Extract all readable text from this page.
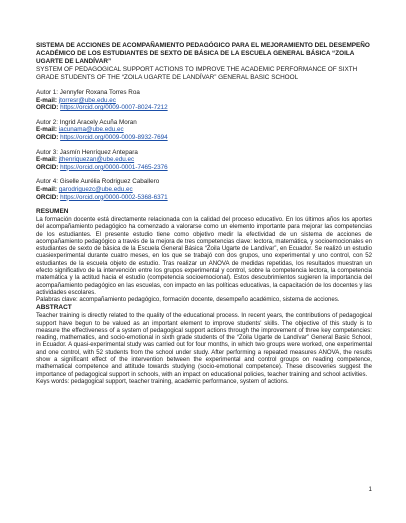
SISTEMA DE ACCIONES DE ACOMPAÑAMIENTO PEDAGÓGICO PARA EL MEJORAMIENTO DEL DESEMPEÑO ACADÉMICO DE LOS ESTUDIANTES DE SEXTO DE BÁSICA DE LA ESCUELA GENERAL BÁSICA “ZOILA UGARTE DE LANDÍVAR”

SYSTEM OF PEDAGOGICAL SUPPORT ACTIONS TO IMPROVE THE ACADEMIC PERFORMANCE OF SIXTH GRADE STUDENTS OF THE “ZOILA UGARTE DE LANDÍVAR” GENERAL BASIC SCHOOL

Autor 1: Jennyfer Roxana Torres Roa
E-mail: jtorresr@ube.edu.ec
ORCID: https://orcid.org/0009-0007-8024-7212
Autor 2: Ingrid Aracely Acuña Moran
E-mail: iacunama@ube.edu.ec
ORCID: https://orcid.org/0009-0009-8932-7694
Autor 3: Jasmín Henríquez Antepara
E-mail: jthenriquezan@ube.edu.ec
ORCID: https://orcid.org/0000-0001-7465-2376
Autor 4: Giselle Aurélia Rodriguez Caballero
E-mail: garodriguezc@ube.edu.ec
ORCID: https://orcid.org/0000-0002-5368-6371
RESUMEN

La formación docente está directamente relacionada con la calidad del proceso educativo. En los últimos años los aportes del acompañamiento pedagógico ha comenzado a valorarse como un elemento importante para mejorar las competencias de los estudiantes. El presente estudio tiene como objetivo medir la efectividad de un sistema de acciones de acompañamiento pedagógico a través de la mejora de tres competencias clave: lectora, matemática, y socioemocionales en estudiantes de sexto de básica de la Escuela General Básica “Zoila Ugarte de Landívar”, en Ecuador. Se realizó un estudio cuasiexperimental durante cuatro meses, en los que se trabajó con dos grupos, uno experimental y uno control, con 52 estudiantes de la escuela objeto de estudio. Tras realizar un ANOVA de medidas repetidas, los resultados muestran un efecto significativo de la intervención entre los grupos experimental y control, sobre la competencia lectora, la competencia matemática y la actitud hacia el estudio (competencia socioemocional). Estos descubrimientos sugieren la importancia del acompañamiento pedagógico en las escuelas, con impacto en las políticas educativas, la capacitación de los docentes y las actividades escolares.

Palabras clave: acompañamiento pedagógico, formación docente, desempeño académico, sistema de acciones.

ABSTRACT

Teacher training is directly related to the quality of the educational process. In recent years, the contributions of pedagogical support have begun to be valued as an important element to improve students' skills. The objective of this study is to measure the effectiveness of a system of pedagogical support actions through the improvement of three key competencies: reading, mathematics, and socio-emotional in sixth grade students of the “Zoila Ugarte de Landívar” General Basic School, in Ecuador. A quasi-experimental study was carried out for four months, in which two groups were worked, one experimental and one control, with 52 students from the school under study. After performing a repeated measures ANOVA, the results show a significant effect of the intervention between the experimental and control groups on reading competence, mathematical competence and attitude towards studying (socio-emotional competence). These discoveries suggest the importance of pedagogical support in schools, with an impact on educational policies, teacher training and school activities.

Keys words: pedagogical support, teacher training, academic performance, system of actions.

1
